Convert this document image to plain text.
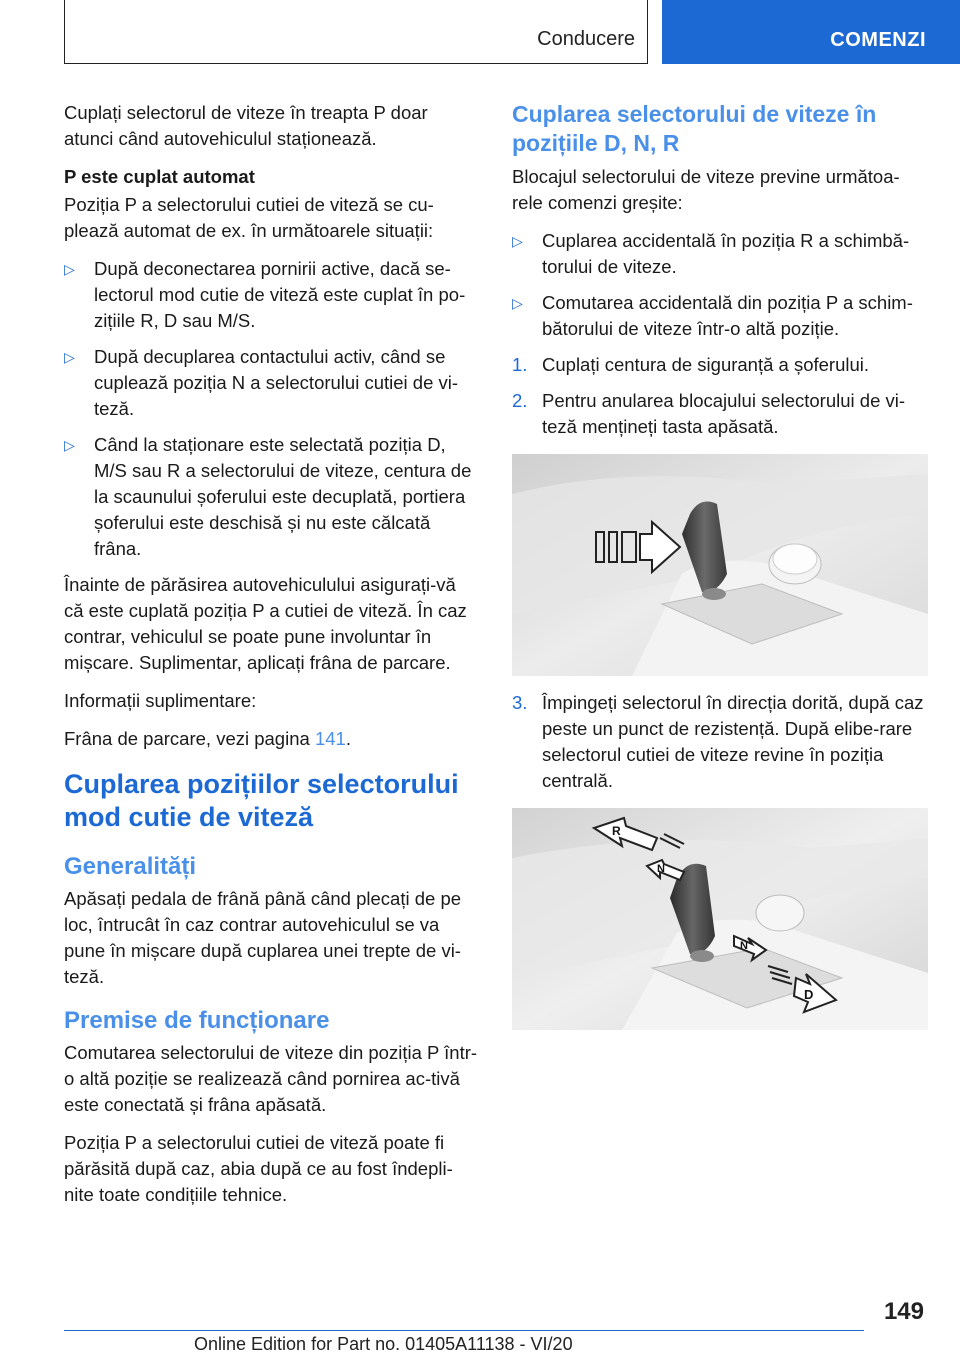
Conducere	COMENZI

Cuplați selectorul de viteze în treapta P doar atunci când autovehiculul staționează.

P este cuplat automat

Poziția P a selectorului cutiei de viteză se cu‐plează automat de ex. în următoarele situații:

▷ După deconectarea pornirii active, dacă se‐lectorul mod cutie de viteză este cuplat în po‐zițiile R, D sau M/S.
▷ După decuplarea contactului activ, când se cuplează poziția N a selectorului cutiei de vi‐teză.
▷ Când la staționare este selectată poziția D, M/S sau R a selectorului de viteze, centura de la scaunului șoferului este decuplată, portiera șoferului este deschisă și nu este călcată frâna.

Înainte de părăsirea autovehiculului asigurați-vă că este cuplată poziția P a cutiei de viteză. În caz contrar, vehiculul se poate pune involuntar în mișcare. Suplimentar, aplicați frâna de parcare.

Informații suplimentare:

Frâna de parcare, vezi pagina 141.

Cuplarea pozițiilor selectorului mod cutie de viteză
Generalități

Apăsați pedala de frână până când plecați de pe loc, întrucât în caz contrar autovehiculul se va pune în mișcare după cuplarea unei trepte de vi‐teză.

Premise de funcționare

Comutarea selectorului de viteze din poziția P într-o altă poziție se realizează când pornirea ac‐tivă este conectată și frâna apăsată.

Poziția P a selectorului cutiei de viteză poate fi părăsită după caz, abia după ce au fost îndepli‐nite toate condițiile tehnice.

Cuplarea selectorului de viteze în pozițiile D, N, R

Blocajul selectorului de viteze previne următoa‐rele comenzi greșite:

▷ Cuplarea accidentală în poziția R a schimbă‐torului de viteze.
▷ Comutarea accidentală din poziția P a schim‐bătorului de viteze într-o altă poziție.
1. Cuplați centura de siguranță a șoferului.
2. Pentru anularea blocajului selectorului de vi‐teză mențineți tasta apăsată.
3. Împingeți selectorul în direcția dorită, după caz peste un punct de rezistență. După elibe‐rare selectorul cutiei de viteze revine în poziția centrală.
R
N
N
D
149
Online Edition for Part no. 01405A11138 - VI/20
